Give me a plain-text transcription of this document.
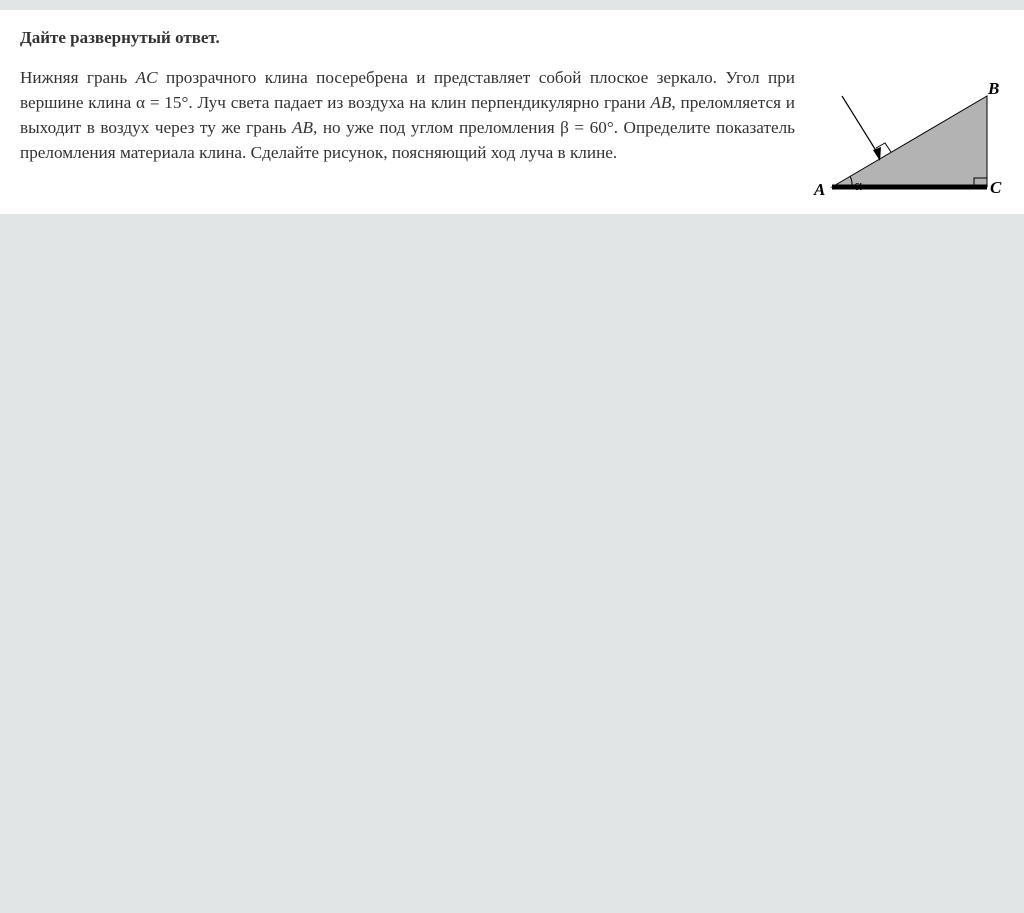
Дайте развернутый ответ.

Нижняя грань AC прозрачного клина посеребрена и представляет собой плоское зеркало. Угол при вершине клина α = 15°. Луч света падает из воздуха на клин перпендикулярно грани AB, преломляется и выходит в воздух через ту же грань AB, но уже под углом преломления β = 60°. Определите показатель преломления материала клина. Сделайте рисунок, поясняющий ход луча в клине.

A
B
C
α
